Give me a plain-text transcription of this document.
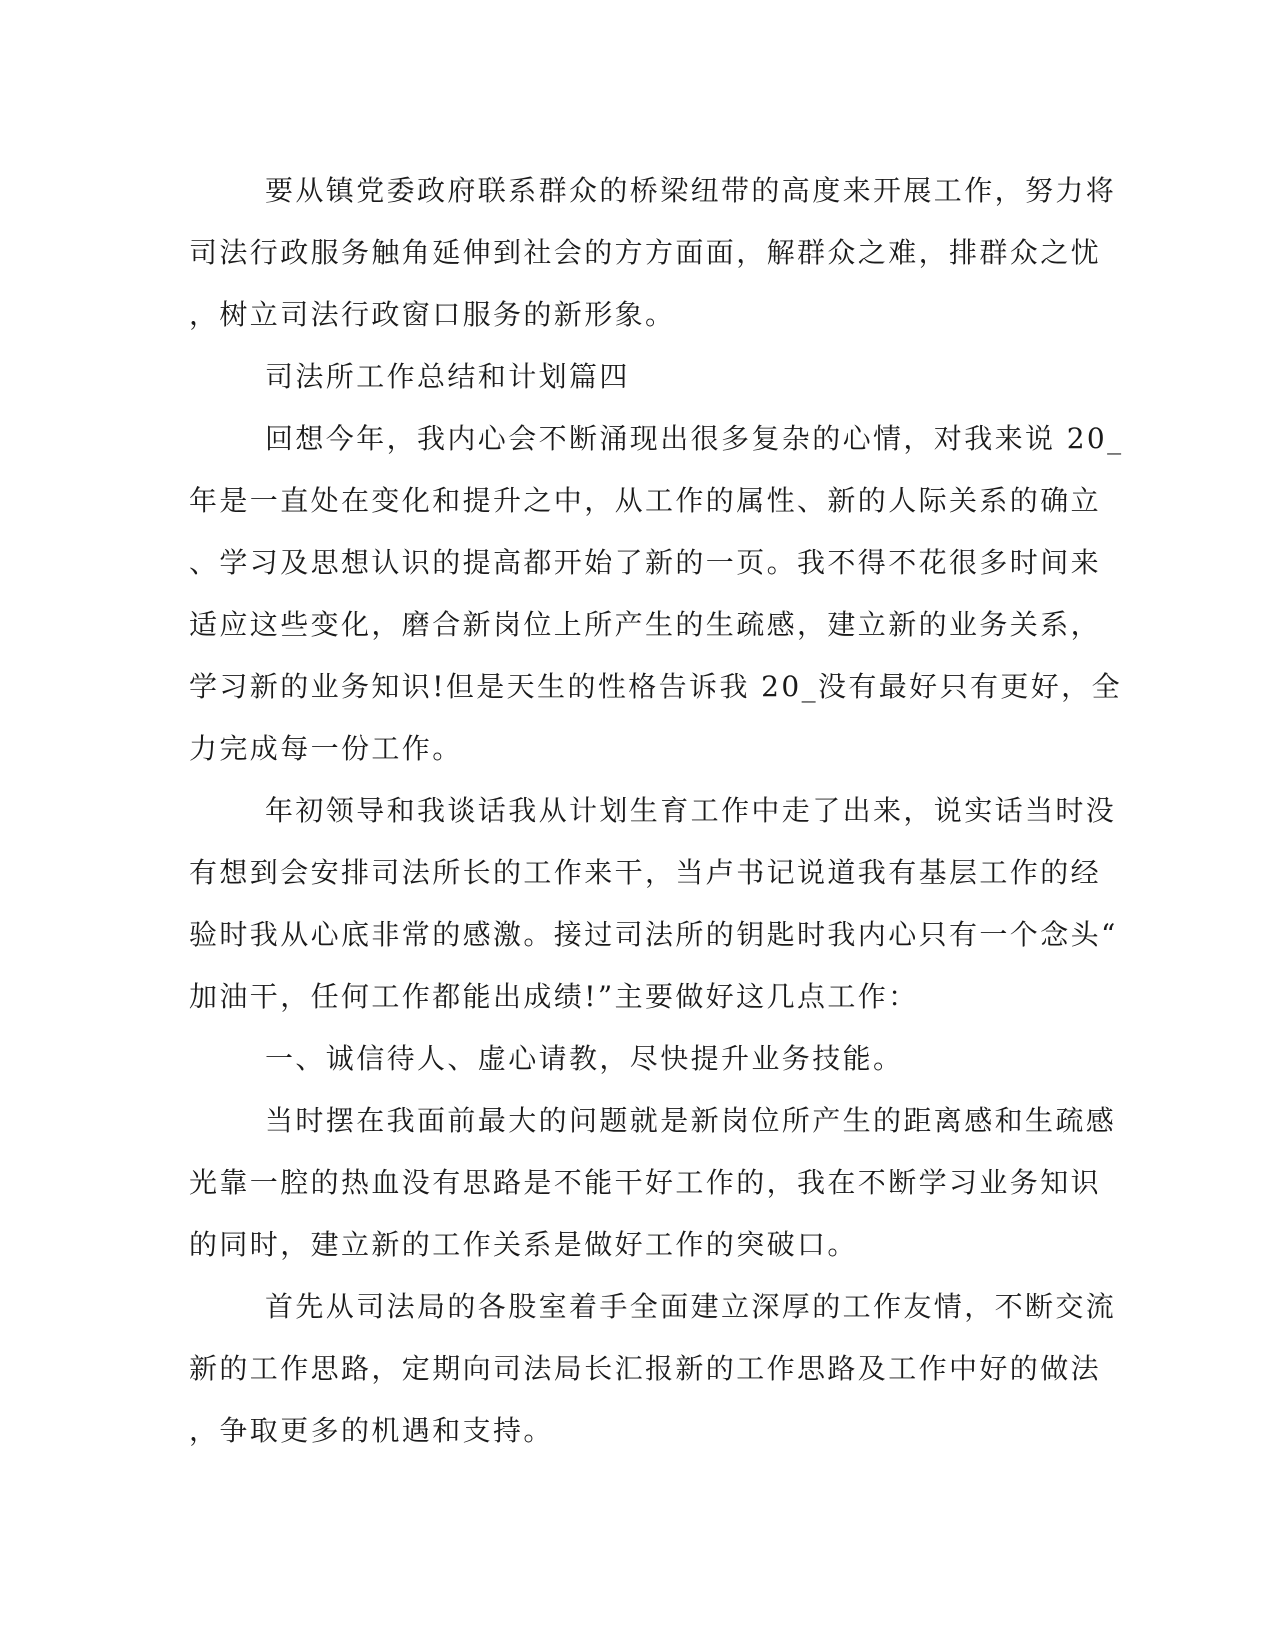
要从镇党委政府联系群众的桥梁纽带的高度来开展工作，努力将
司法行政服务触角延伸到社会的方方面面，解群众之难，排群众之忧
，树立司法行政窗口服务的新形象。
司法所工作总结和计划篇四
回想今年，我内心会不断涌现出很多复杂的心情，对我来说 20_
年是一直处在变化和提升之中，从工作的属性、新的人际关系的确立
、学习及思想认识的提高都开始了新的一页。我不得不花很多时间来
适应这些变化，磨合新岗位上所产生的生疏感，建立新的业务关系，
学习新的业务知识!但是天生的性格告诉我 20_没有最好只有更好，全
力完成每一份工作。
年初领导和我谈话我从计划生育工作中走了出来，说实话当时没
有想到会安排司法所长的工作来干，当卢书记说道我有基层工作的经
验时我从心底非常的感激。接过司法所的钥匙时我内心只有一个念头“
加油干，任何工作都能出成绩!”主要做好这几点工作：
一、诚信待人、虚心请教，尽快提升业务技能。
当时摆在我面前最大的问题就是新岗位所产生的距离感和生疏感
光靠一腔的热血没有思路是不能干好工作的，我在不断学习业务知识
的同时，建立新的工作关系是做好工作的突破口。
首先从司法局的各股室着手全面建立深厚的工作友情，不断交流
新的工作思路，定期向司法局长汇报新的工作思路及工作中好的做法
，争取更多的机遇和支持。
